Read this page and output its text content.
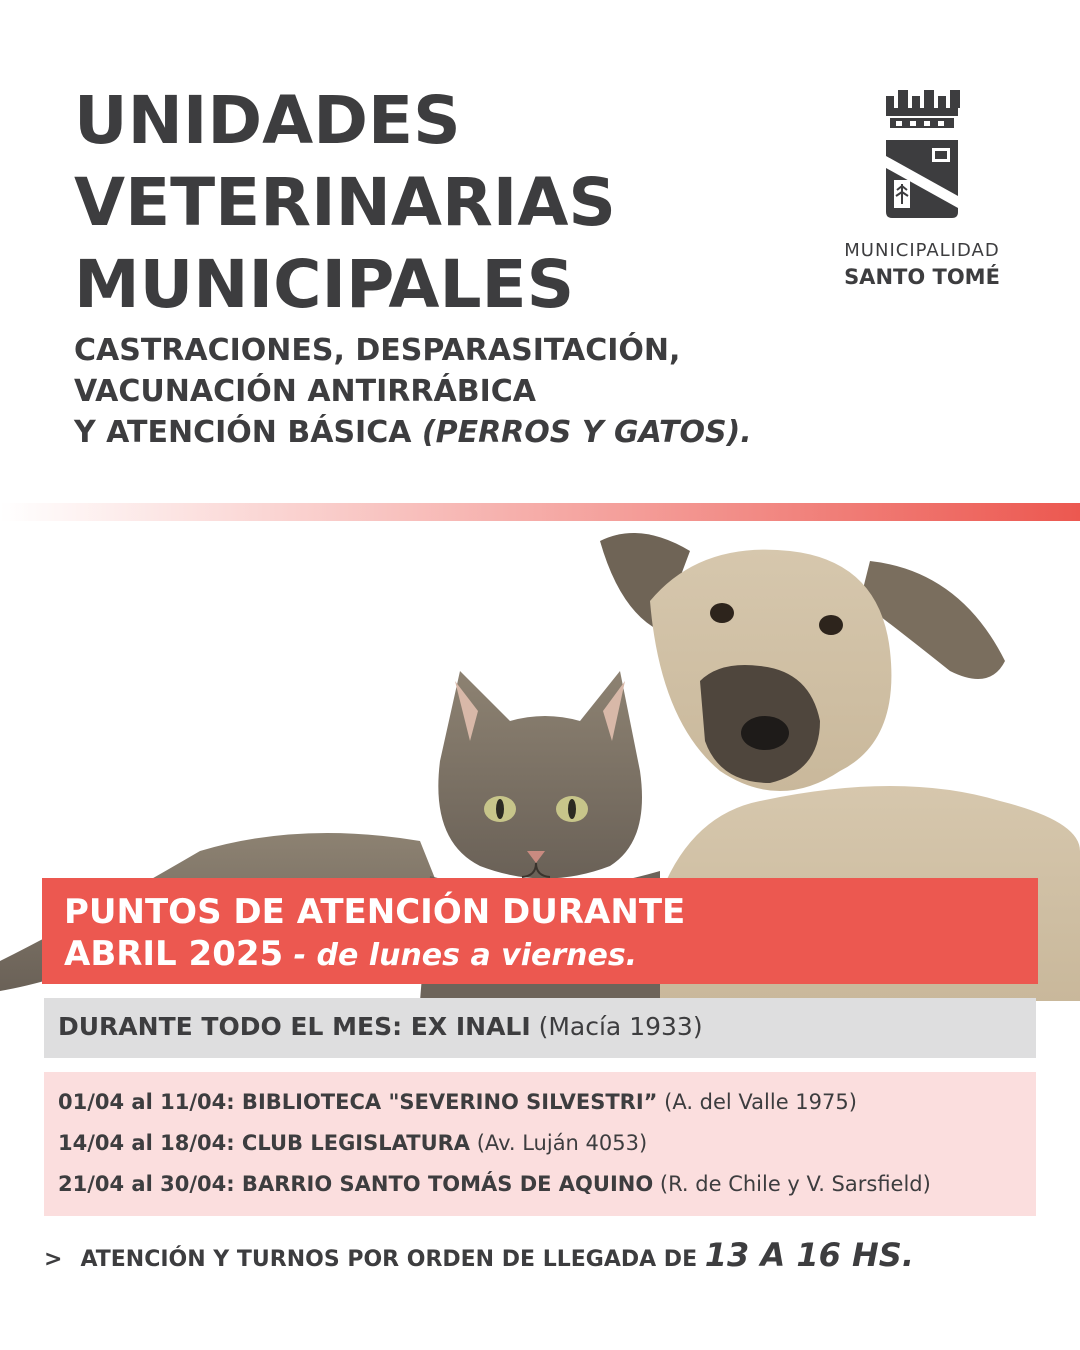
UNIDADES
VETERINARIAS
MUNICIPALES

CASTRACIONES, DESPARASITACIÓN,
VACUNACIÓN ANTIRRÁBICA
Y ATENCIÓN BÁSICA (PERROS Y GATOS).

MUNICIPALIDAD
SANTO TOMÉ
PUNTOS DE ATENCIÓN DURANTE
ABRIL 2025 - de lunes a viernes.
DURANTE TODO EL MES: EX INALI (Macía 1933)
01/04 al 11/04: BIBLIOTECA "SEVERINO SILVESTRI” (A. del Valle 1975)
14/04 al 18/04: CLUB LEGISLATURA (Av. Luján 4053)
21/04 al 30/04: BARRIO SANTO TOMÁS DE AQUINO (R. de Chile y V. Sarsfield)
> ATENCIÓN Y TURNOS POR ORDEN DE LLEGADA DE 13 A 16 HS.
